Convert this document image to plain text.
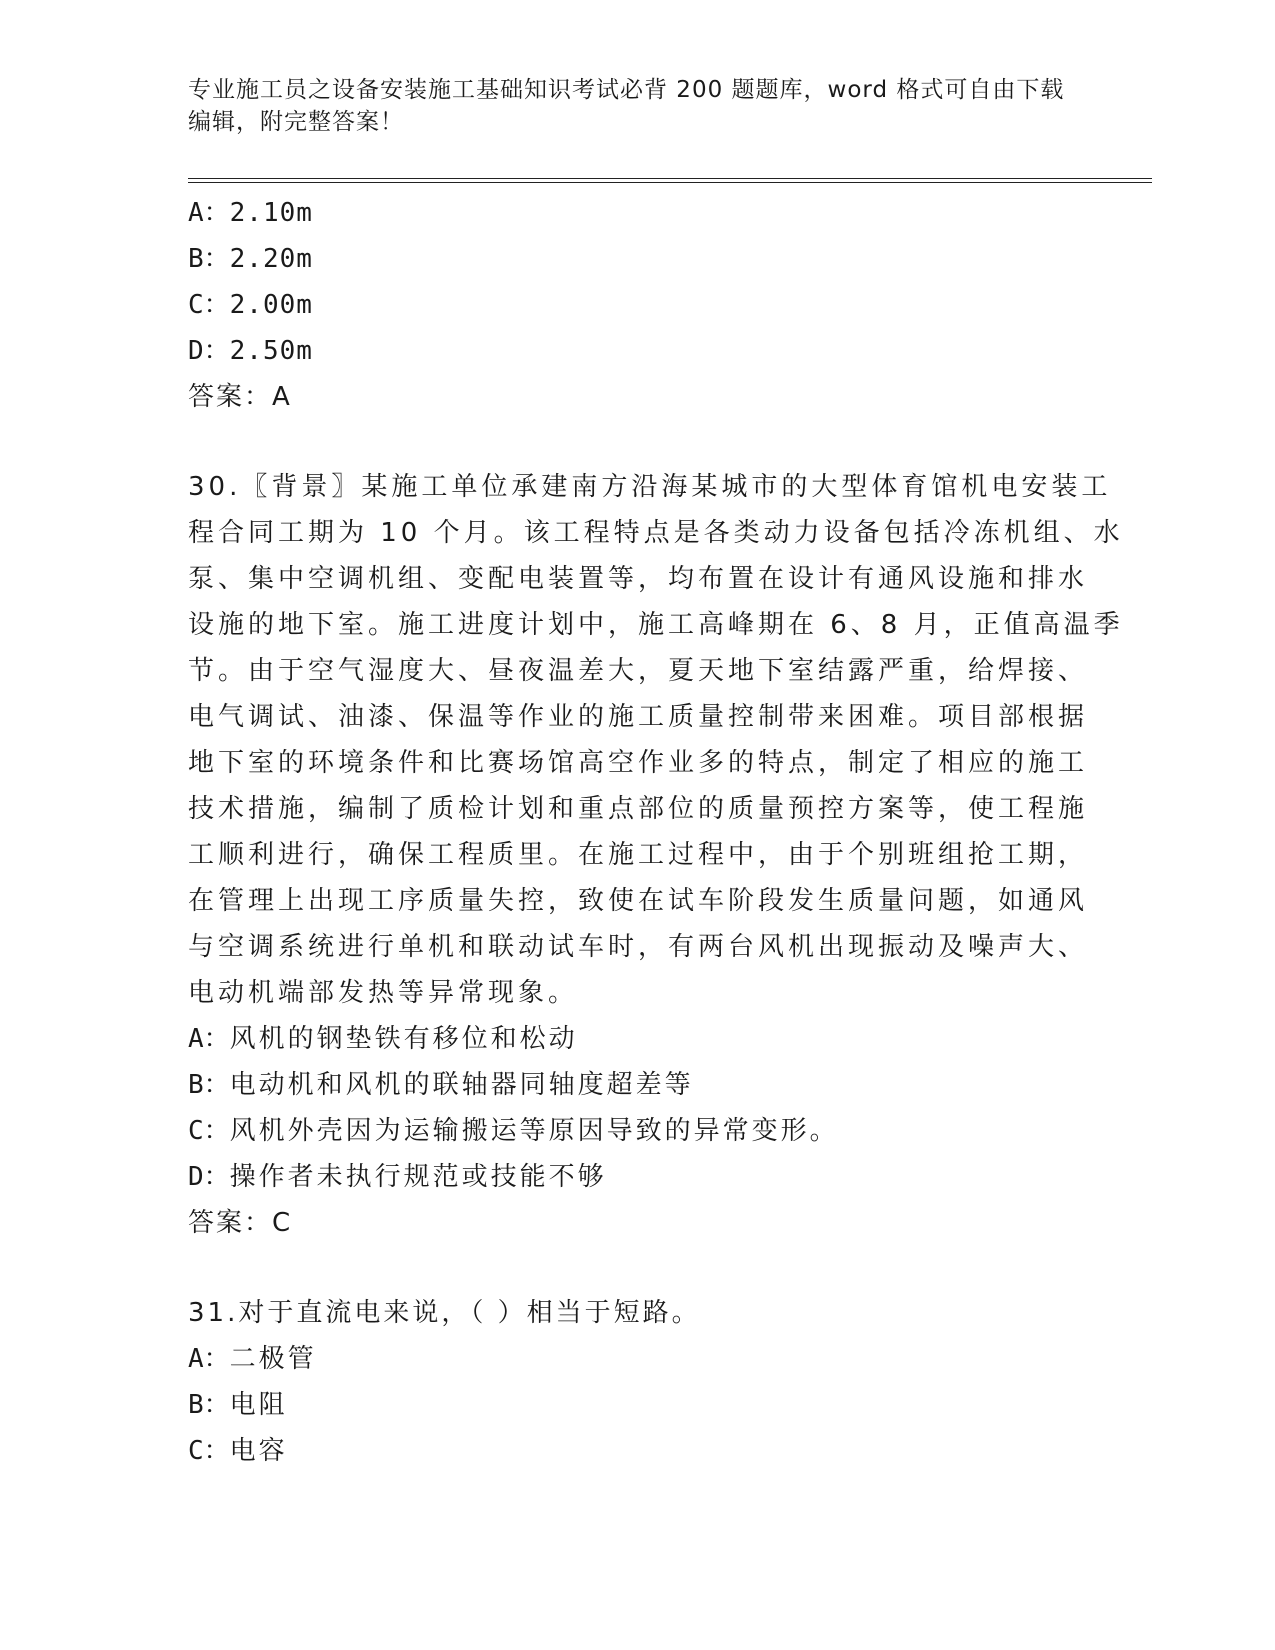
专业施工员之设备安装施工基础知识考试必背 200 题题库，word 格式可自由下载
编辑，附完整答案！
A：2.10m
B：2.20m
C：2.00m
D：2.50m
答案：A
30.〖背景〗某施工单位承建南方沿海某城市的大型体育馆机电安装工
程合同工期为 10 个月。该工程特点是各类动力设备包括冷冻机组、水
泵、集中空调机组、变配电装置等，均布置在设计有通风设施和排水
设施的地下室。施工进度计划中，施工高峰期在 6、8 月，正值高温季
节。由于空气湿度大、昼夜温差大，夏天地下室结露严重，给焊接、
电气调试、油漆、保温等作业的施工质量控制带来困难。项目部根据
地下室的环境条件和比赛场馆高空作业多的特点，制定了相应的施工
技术措施，编制了质检计划和重点部位的质量预控方案等，使工程施
工顺利进行，确保工程质里。在施工过程中，由于个别班组抢工期，
在管理上出现工序质量失控，致使在试车阶段发生质量问题，如通风
与空调系统进行单机和联动试车时，有两台风机出现振动及噪声大、
电动机端部发热等异常现象。
A：风机的钢垫铁有移位和松动
B：电动机和风机的联轴器同轴度超差等
C：风机外壳因为运输搬运等原因导致的异常变形。
D：操作者未执行规范或技能不够
答案：C
31.对于直流电来说，（ ）相当于短路。
A：二极管
B：电阻
C：电容
